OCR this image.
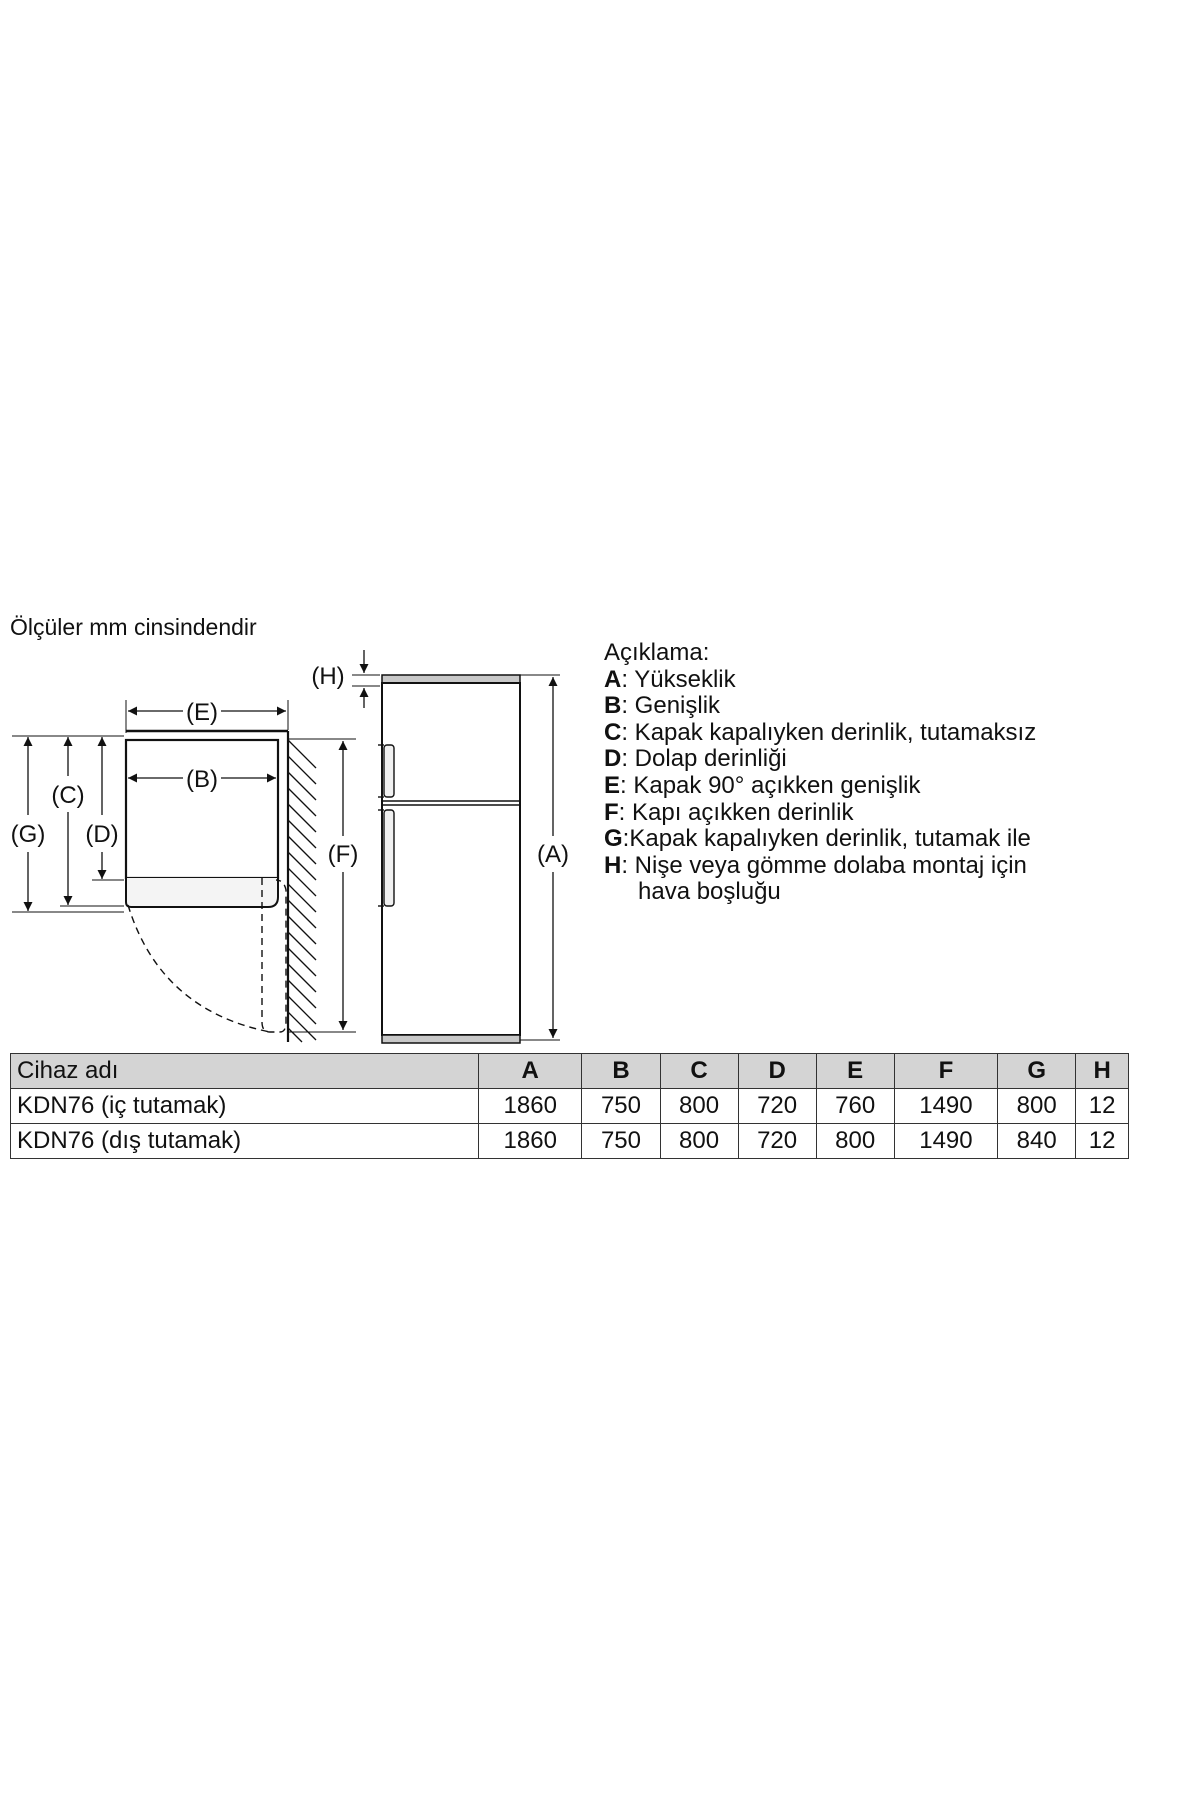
Ölçüler mm cinsindendir
(E)
(B)
(C)
(G) (D)
(F)	(A)
(H)
Açıklama:
A : Yükseklik
B : Genişlik
C : Kapak kapalıyken derinlik, tutamaksız
D : Dolap derinliği
E : Kapak 90° açıkken genişlik
F : Kapı açıkken derinlik
G :Kapak kapalıyken derinlik, tutamak ile
H : Nişe veya gömme dolaba montaj için
hava boşluğu
Cihaz adı	A	B	C	D	E	F	G	H
KDN76 (iç tutamak)	1860	750	800	720	760	1490	800	12
KDN76 (dış tutamak)	1860	750	800	720	800	1490	840	12
